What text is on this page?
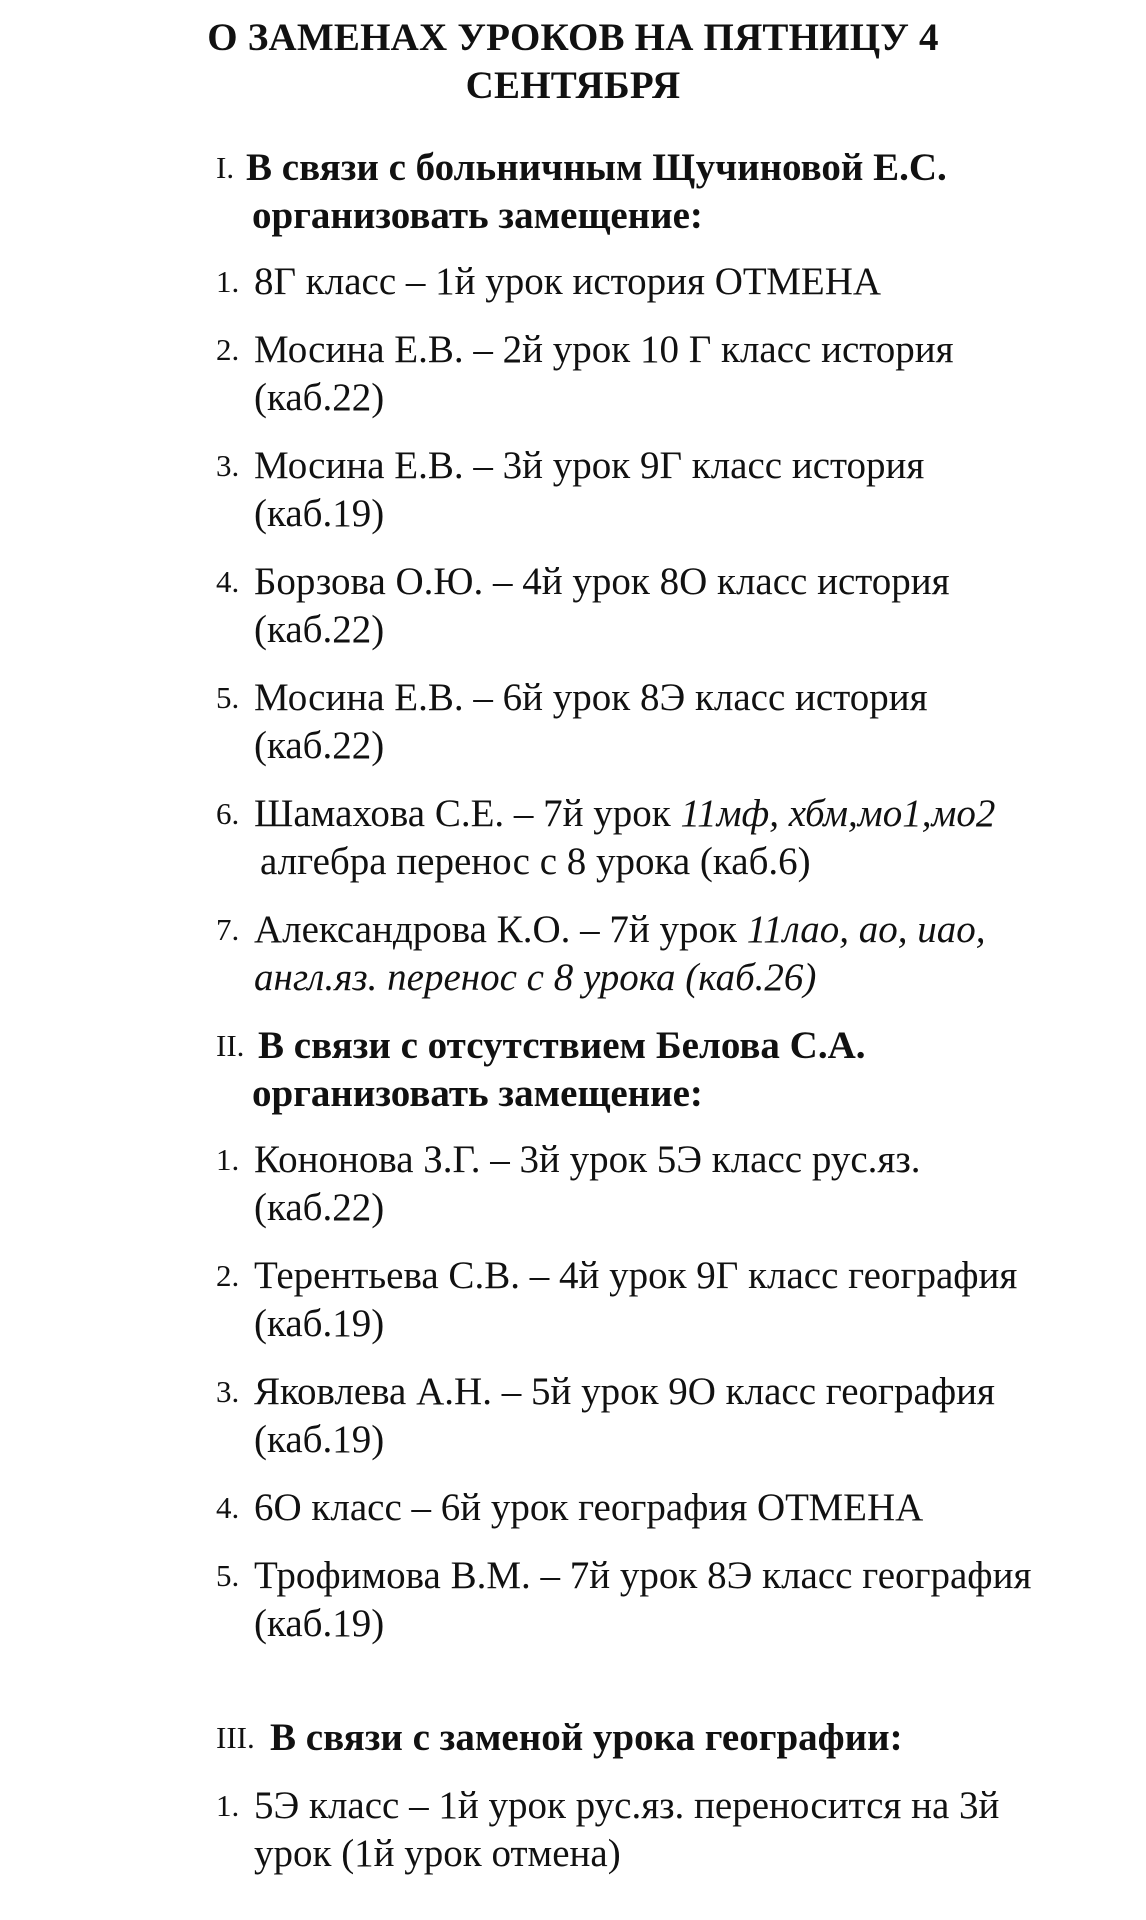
О ЗАМЕНАХ УРОКОВ НА ПЯТНИЦУ 4
СЕНТЯБРЯ
I. В связи с больничным Щучиновой Е.С.
организовать замещение:
1. 8Г класс – 1й урок история ОТМЕНА
2. Мосина Е.В. – 2й урок 10 Г класс история
(каб.22)
3. Мосина Е.В. – 3й урок 9Г класс история
(каб.19)
4. Борзова О.Ю. – 4й урок 8О класс история
(каб.22)
5. Мосина Е.В. – 6й урок 8Э класс история
(каб.22)
6. Шамахова С.Е. – 7й урок 11мф, хбм,мо1,мо2
алгебра перенос с 8 урока (каб.6)
7. Александрова К.О. – 7й урок 11лао, ао, иао,
англ.яз. перенос с 8 урока (каб.26)
II. В связи с отсутствием Белова С.А.
организовать замещение:
1. Кононова З.Г. – 3й урок 5Э класс рус.яз.
(каб.22)
2. Терентьева С.В. – 4й урок 9Г класс география
(каб.19)
3. Яковлева А.Н. – 5й урок 9О класс география
(каб.19)
4. 6О класс – 6й урок география ОТМЕНА
5. Трофимова В.М. – 7й урок 8Э класс география
(каб.19)
III. В связи с заменой урока географии:
1. 5Э класс – 1й урок рус.яз. переносится на 3й
урок (1й урок отмена)
